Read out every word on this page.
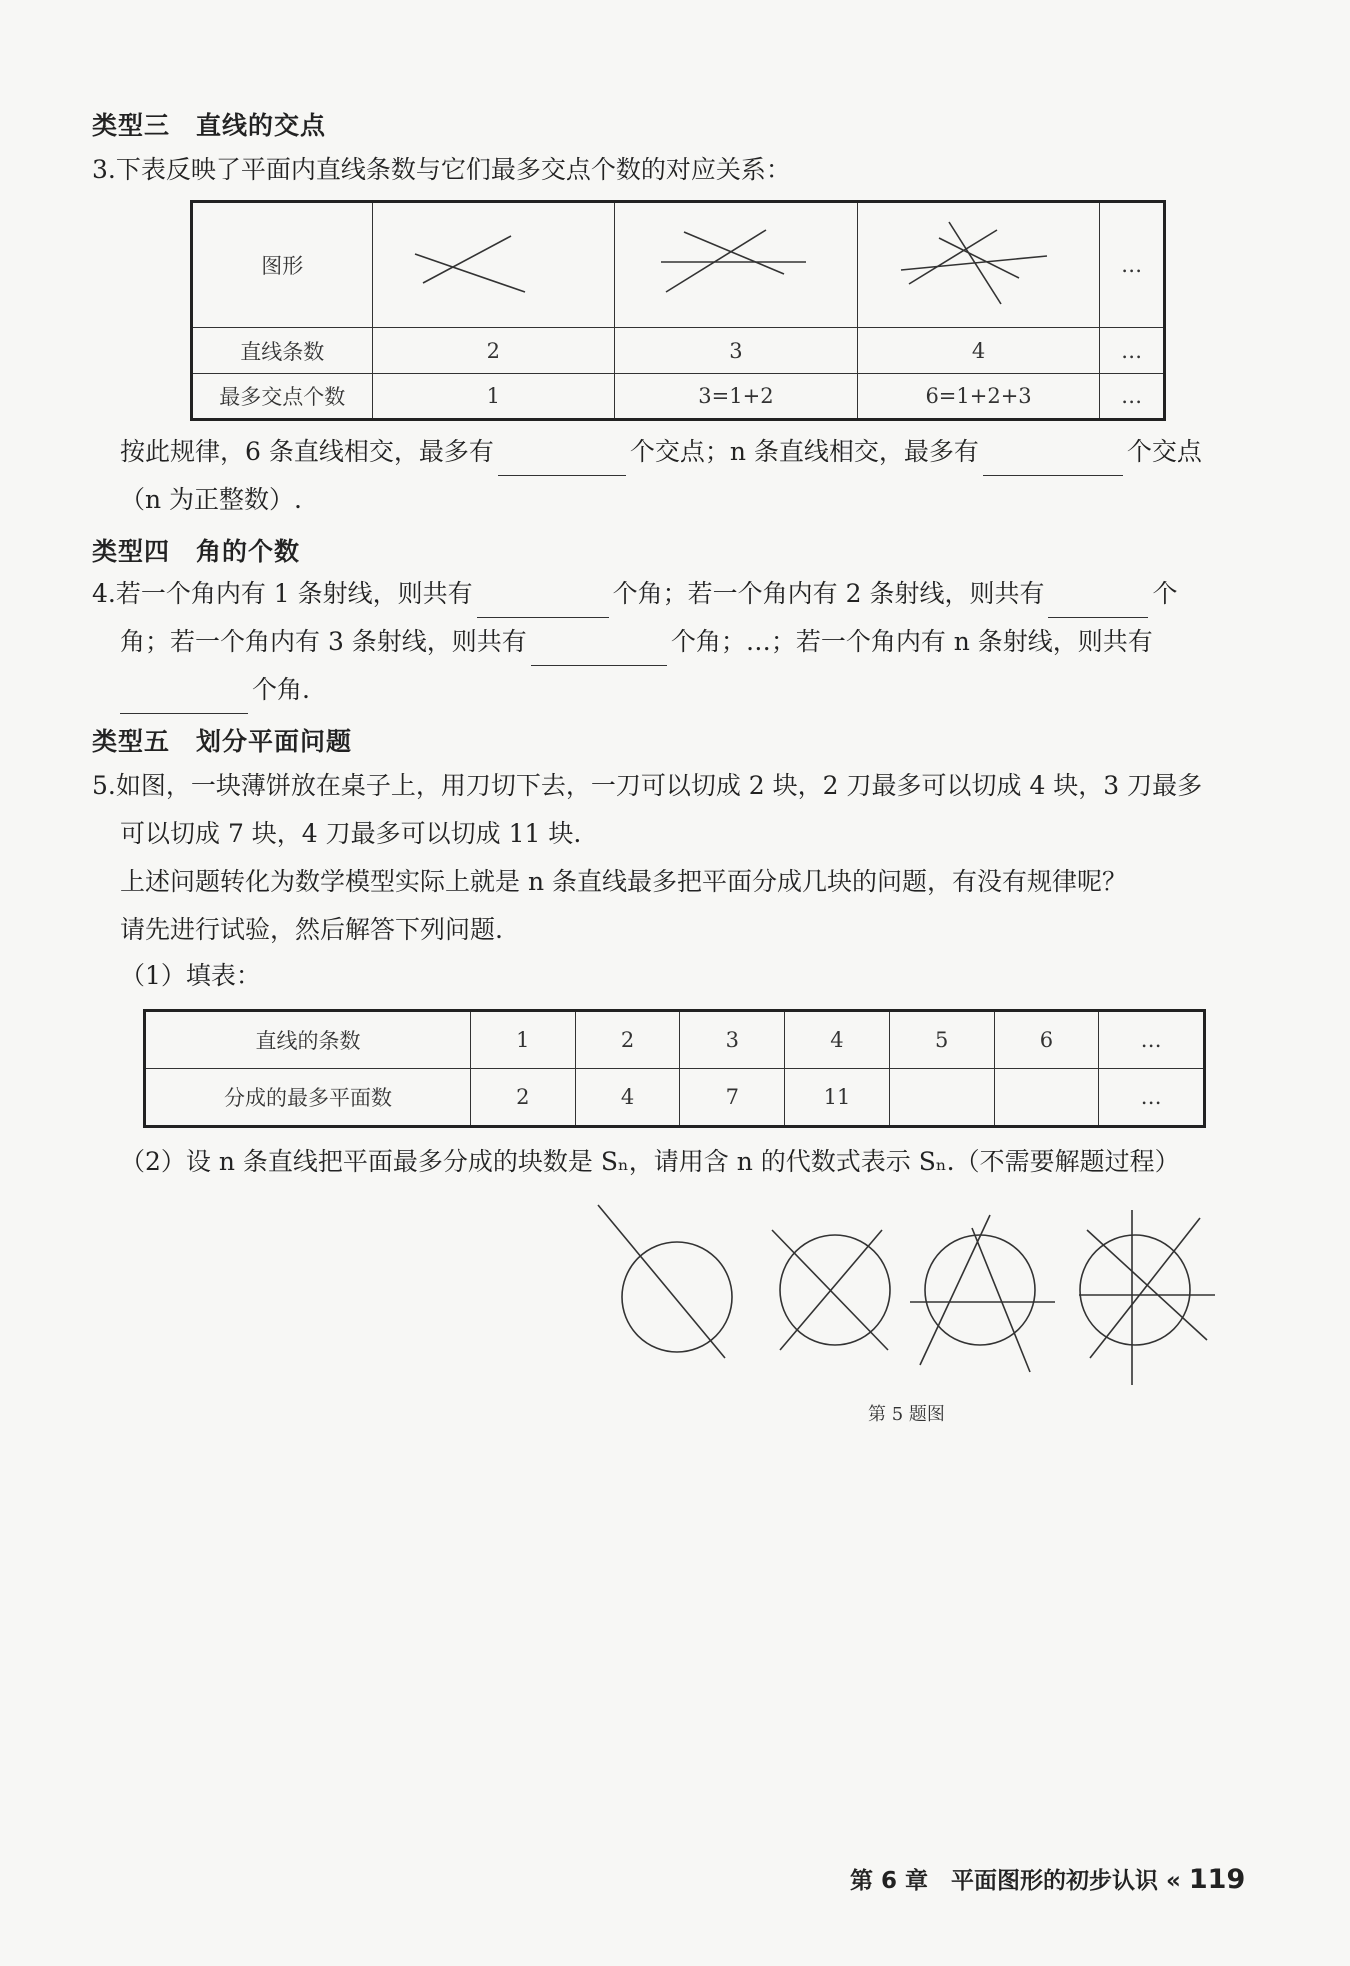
类型三　直线的交点
3.下表反映了平面内直线条数与它们最多交点个数的对应关系：
图形				…
直线条数	2	3	4	…
最多交点个数	1	3=1+2	6=1+2+3	…
按此规律，6 条直线相交，最多有	个交点；n 条直线相交，最多有	个交点
（n 为正整数）.
类型四　角的个数
4.若一个角内有 1 条射线，则共有	个角；若一个角内有 2 条射线，则共有	个
角；若一个角内有 3 条射线，则共有	个角；…；若一个角内有 n 条射线，则共有
个角.
类型五　划分平面问题
5.如图，一块薄饼放在桌子上，用刀切下去，一刀可以切成 2 块，2 刀最多可以切成 4 块，3 刀最多
可以切成 7 块，4 刀最多可以切成 11 块.
上述问题转化为数学模型实际上就是 n 条直线最多把平面分成几块的问题，有没有规律呢？
请先进行试验，然后解答下列问题.
（1）填表：
直线的条数	1	2	3	4	5	6	…
分成的最多平面数	2	4	7	11			…
（2）设 n 条直线把平面最多分成的块数是 Sₙ，请用含 n 的代数式表示 Sₙ.（不需要解题过程）
第 5 题图
第 6 章　平面图形的初步认识 « 119
